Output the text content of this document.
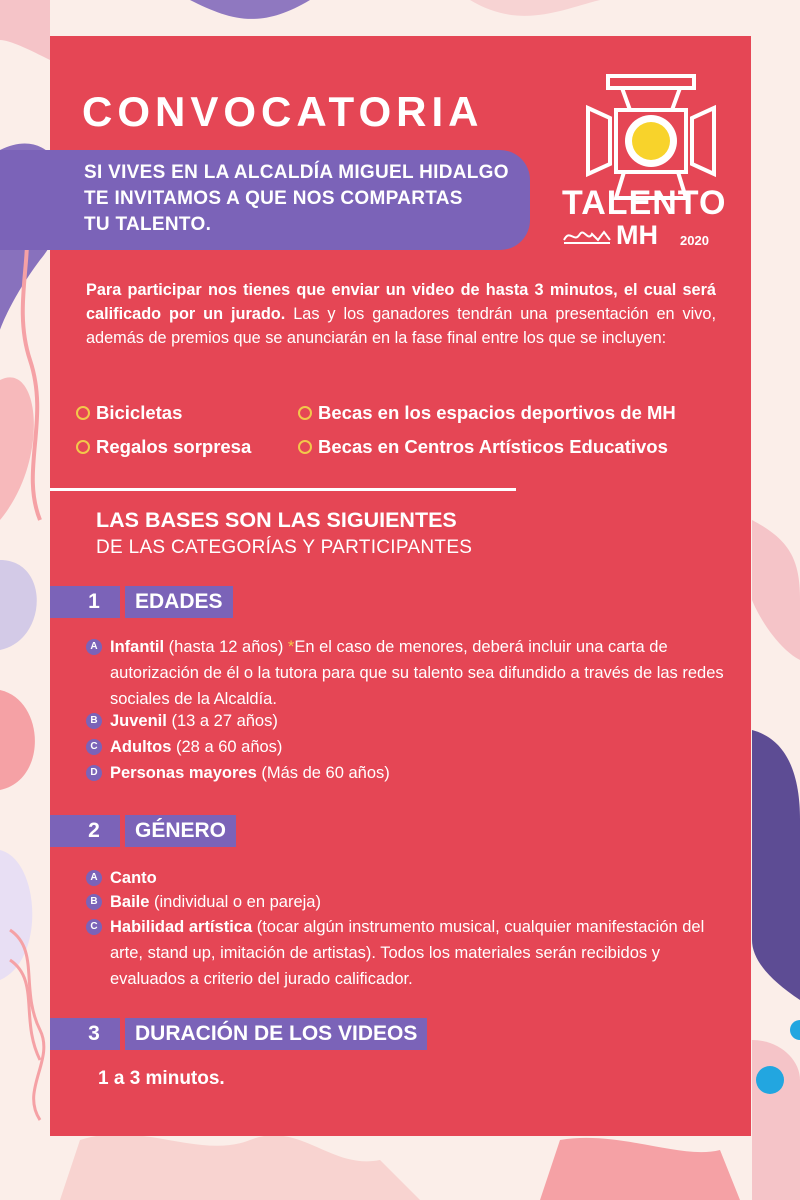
CONVOCATORIA
SI VIVES EN LA ALCALDÍA MIGUEL HIDALGO
TE INVITAMOS A QUE NOS COMPARTAS
TU TALENTO.
TALENTO
MH 2020
Para participar nos tienes que enviar un video de hasta 3 minutos, el cual será calificado por un jurado. Las y los ganadores tendrán una presentación en vivo, además de premios que se anunciarán en la fase final entre los que se incluyen:
Bicicletas	Becas en los espacios deportivos de MH
Regalos sorpresa	Becas en Centros Artísticos Educativos
LAS BASES SON LAS SIGUIENTES
DE LAS CATEGORÍAS Y PARTICIPANTES
1	EDADES
A Infantil (hasta 12 años) *En el caso de menores, deberá incluir una carta de autorización de él o la tutora para que su talento sea difundido a través de las redes sociales de la Alcaldía.
B Juvenil (13 a 27 años)
C Adultos (28 a 60 años)
D Personas mayores (Más de 60 años)
2	GÉNERO
A Canto
B Baile (individual o en pareja)
C Habilidad artística (tocar algún instrumento musical, cualquier manifestación del arte, stand up, imitación de artistas). Todos los materiales serán recibidos y evaluados a criterio del jurado calificador.
3	DURACIÓN DE LOS VIDEOS
1 a 3 minutos.
